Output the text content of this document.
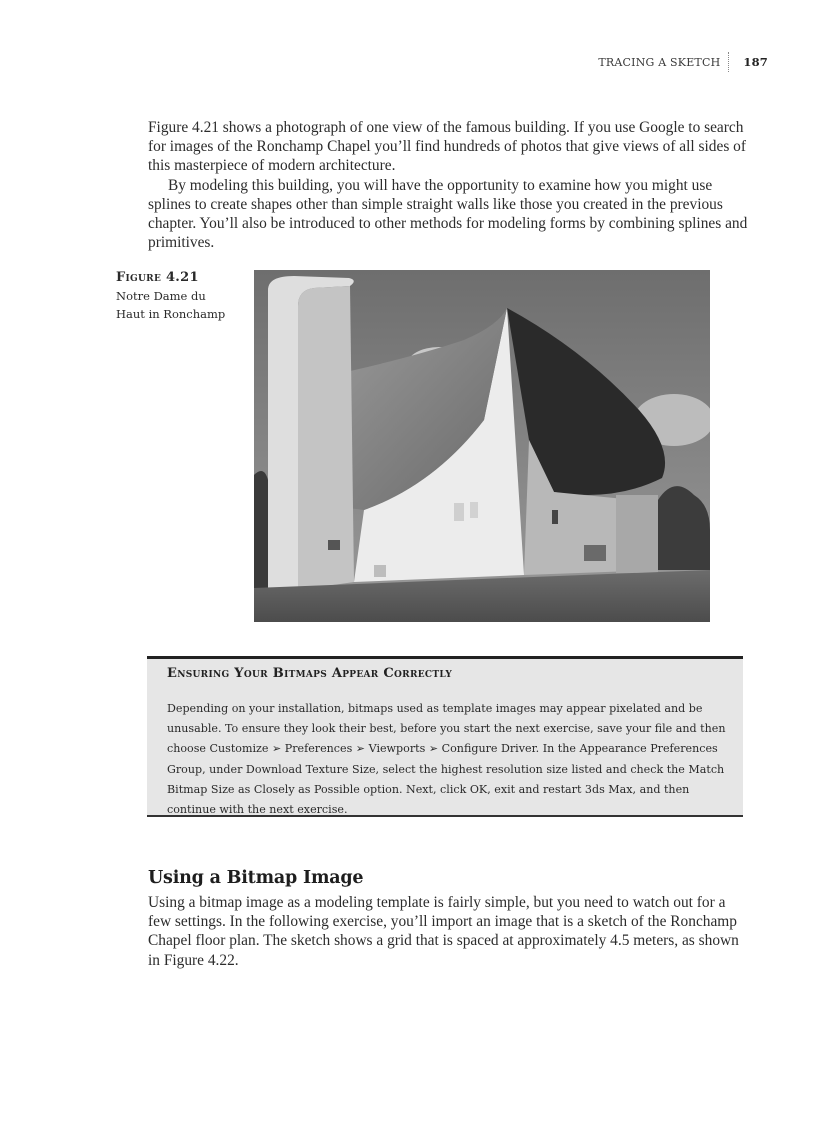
TRACING A SKETCH	187

Figure 4.21 shows a photograph of one view of the famous building. If you use Google to search for images of the Ronchamp Chapel you’ll find hundreds of photos that give views of all sides of this masterpiece of modern architecture.

By modeling this building, you will have the opportunity to examine how you might use splines to create shapes other than simple straight walls like those you created in the previous chapter. You’ll also be introduced to other methods for modeling forms by combining splines and primitives.

Figure 4.21
Notre Dame du
Haut in Ronchamp
Ensuring Your Bitmaps Appear Correctly
Depending on your installation, bitmaps used as template images may appear pixelated and be unusable. To ensure they look their best, before you start the next exercise, save your file and then choose Customize ➢ Preferences ➢ Viewports ➢ Configure Driver. In the Appearance Preferences Group, under Download Texture Size, select the highest resolution size listed and check the Match Bitmap Size as Closely as Possible option. Next, click OK, exit and restart 3ds Max, and then continue with the next exercise.
Using a Bitmap Image

Using a bitmap image as a modeling template is fairly simple, but you need to watch out for a few settings. In the following exercise, you’ll import an image that is a sketch of the Ronchamp Chapel floor plan. The sketch shows a grid that is spaced at approximately 4.5 meters, as shown in Figure 4.22.
